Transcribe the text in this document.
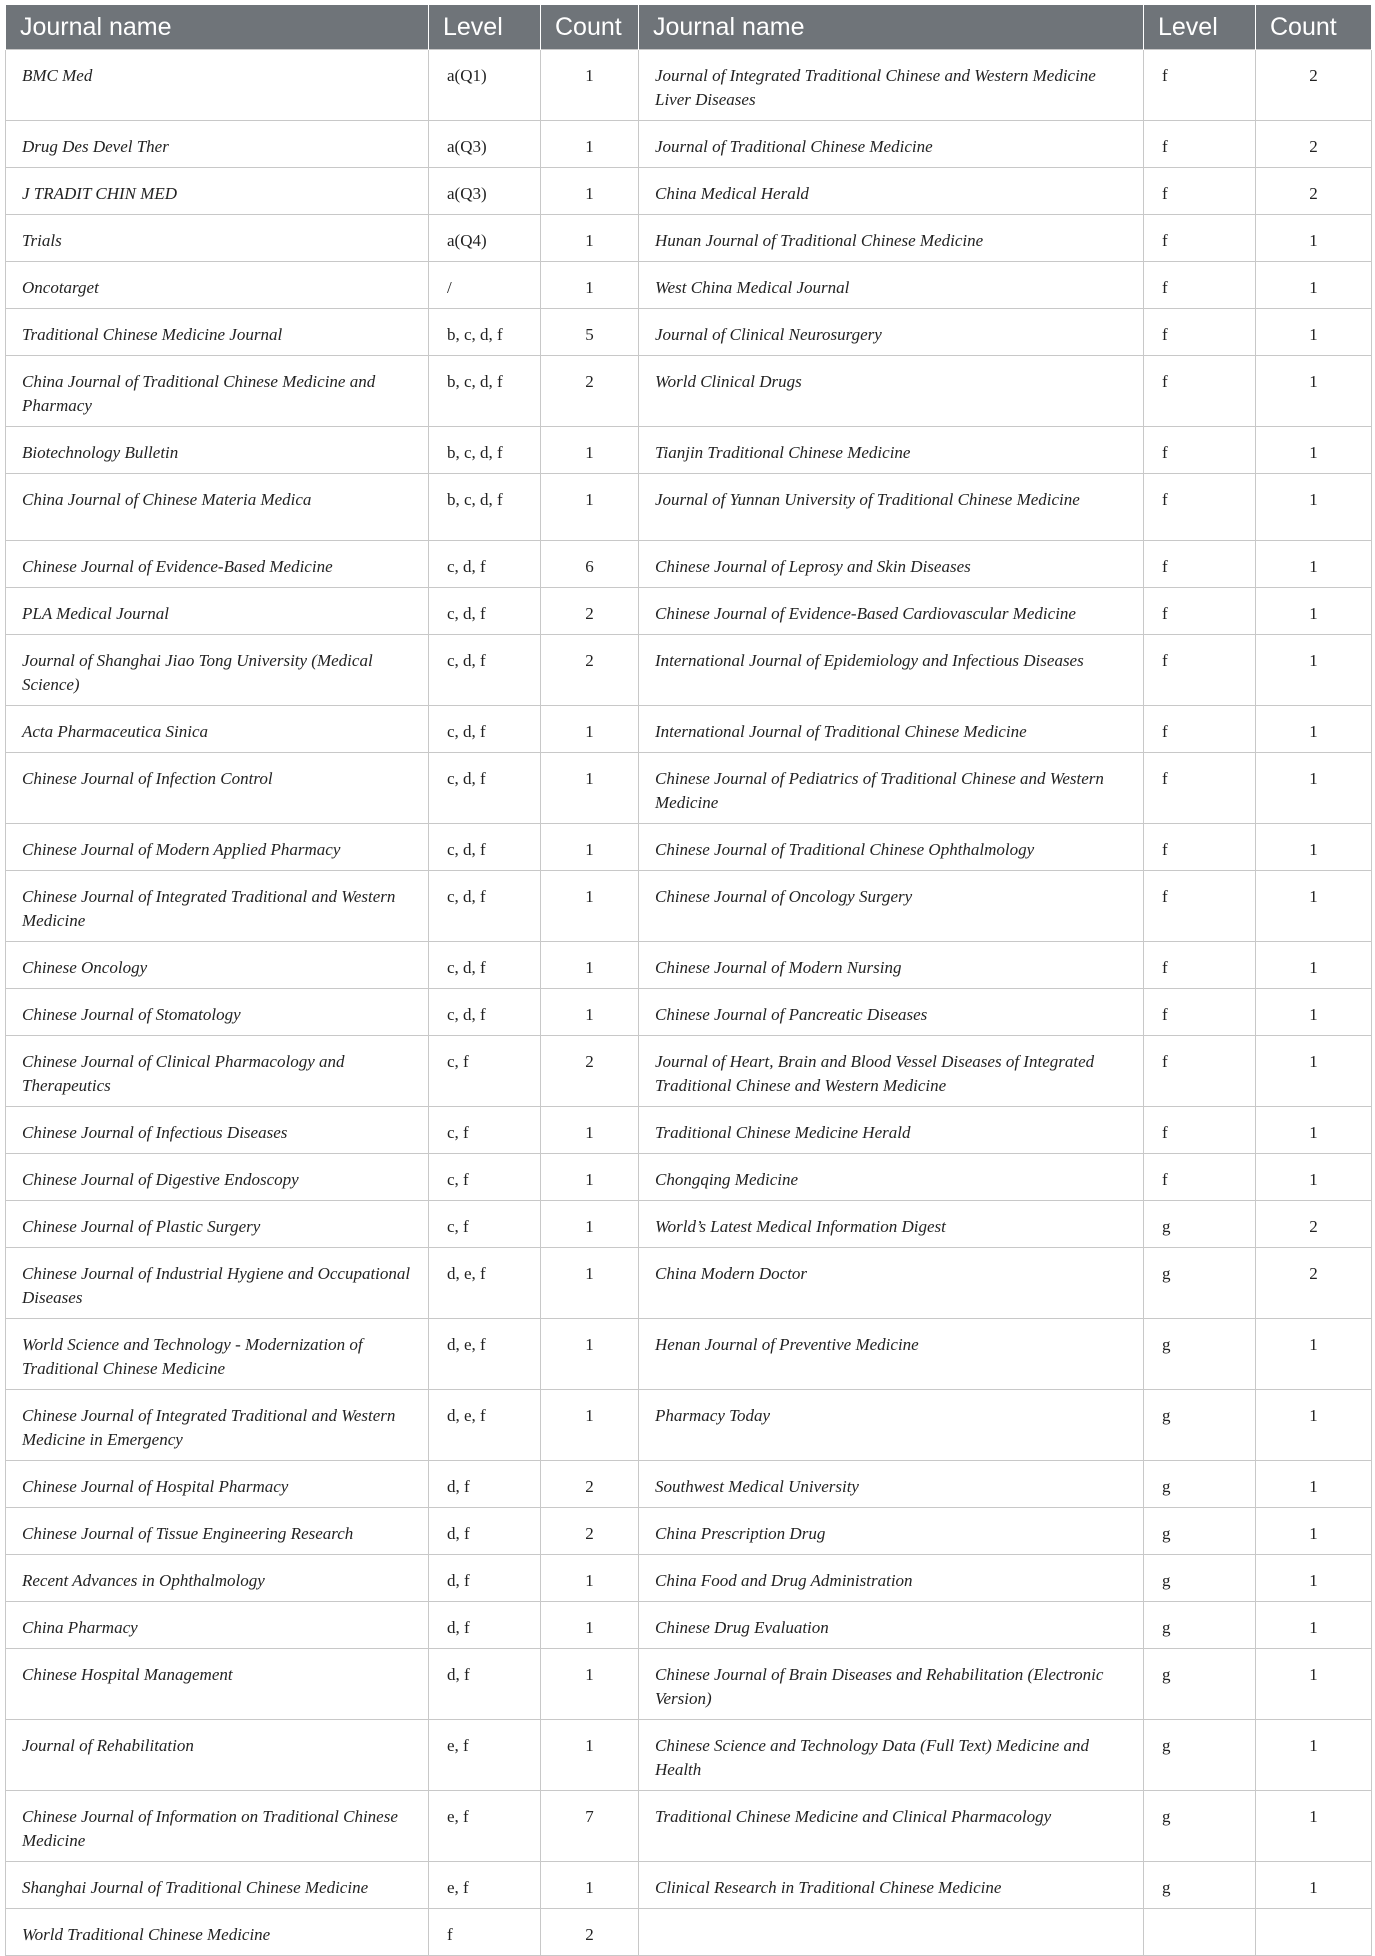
Journal name	Level	Count	Journal name	Level	Count
BMC Med	a(Q1)	1	Journal of Integrated Traditional Chinese and Western Medicine Liver Diseases	f	2
Drug Des Devel Ther	a(Q3)	1	Journal of Traditional Chinese Medicine	f	2
J TRADIT CHIN MED	a(Q3)	1	China Medical Herald	f	2
Trials	a(Q4)	1	Hunan Journal of Traditional Chinese Medicine	f	1
Oncotarget	/	1	West China Medical Journal	f	1
Traditional Chinese Medicine Journal	b, c, d, f	5	Journal of Clinical Neurosurgery	f	1
China Journal of Traditional Chinese Medicine and Pharmacy	b, c, d, f	2	World Clinical Drugs	f	1
Biotechnology Bulletin	b, c, d, f	1	Tianjin Traditional Chinese Medicine	f	1
China Journal of Chinese Materia Medica	b, c, d, f	1	Journal of Yunnan University of Traditional Chinese Medicine	f	1
Chinese Journal of Evidence-Based Medicine	c, d, f	6	Chinese Journal of Leprosy and Skin Diseases	f	1
PLA Medical Journal	c, d, f	2	Chinese Journal of Evidence-Based Cardiovascular Medicine	f	1
Journal of Shanghai Jiao Tong University (Medical Science)	c, d, f	2	International Journal of Epidemiology and Infectious Diseases	f	1
Acta Pharmaceutica Sinica	c, d, f	1	International Journal of Traditional Chinese Medicine	f	1
Chinese Journal of Infection Control	c, d, f	1	Chinese Journal of Pediatrics of Traditional Chinese and Western Medicine	f	1
Chinese Journal of Modern Applied Pharmacy	c, d, f	1	Chinese Journal of Traditional Chinese Ophthalmology	f	1
Chinese Journal of Integrated Traditional and Western Medicine	c, d, f	1	Chinese Journal of Oncology Surgery	f	1
Chinese Oncology	c, d, f	1	Chinese Journal of Modern Nursing	f	1
Chinese Journal of Stomatology	c, d, f	1	Chinese Journal of Pancreatic Diseases	f	1
Chinese Journal of Clinical Pharmacology and Therapeutics	c, f	2	Journal of Heart, Brain and Blood Vessel Diseases of Integrated Traditional Chinese and Western Medicine	f	1
Chinese Journal of Infectious Diseases	c, f	1	Traditional Chinese Medicine Herald	f	1
Chinese Journal of Digestive Endoscopy	c, f	1	Chongqing Medicine	f	1
Chinese Journal of Plastic Surgery	c, f	1	World’s Latest Medical Information Digest	g	2
Chinese Journal of Industrial Hygiene and Occupational Diseases	d, e, f	1	China Modern Doctor	g	2
World Science and Technology - Modernization of Traditional Chinese Medicine	d, e, f	1	Henan Journal of Preventive Medicine	g	1
Chinese Journal of Integrated Traditional and Western Medicine in Emergency	d, e, f	1	Pharmacy Today	g	1
Chinese Journal of Hospital Pharmacy	d, f	2	Southwest Medical University	g	1
Chinese Journal of Tissue Engineering Research	d, f	2	China Prescription Drug	g	1
Recent Advances in Ophthalmology	d, f	1	China Food and Drug Administration	g	1
China Pharmacy	d, f	1	Chinese Drug Evaluation	g	1
Chinese Hospital Management	d, f	1	Chinese Journal of Brain Diseases and Rehabilitation (Electronic Version)	g	1
Journal of Rehabilitation	e, f	1	Chinese Science and Technology Data (Full Text) Medicine and Health	g	1
Chinese Journal of Information on Traditional Chinese Medicine	e, f	7	Traditional Chinese Medicine and Clinical Pharmacology	g	1
Shanghai Journal of Traditional Chinese Medicine	e, f	1	Clinical Research in Traditional Chinese Medicine	g	1
World Traditional Chinese Medicine	f	2			
